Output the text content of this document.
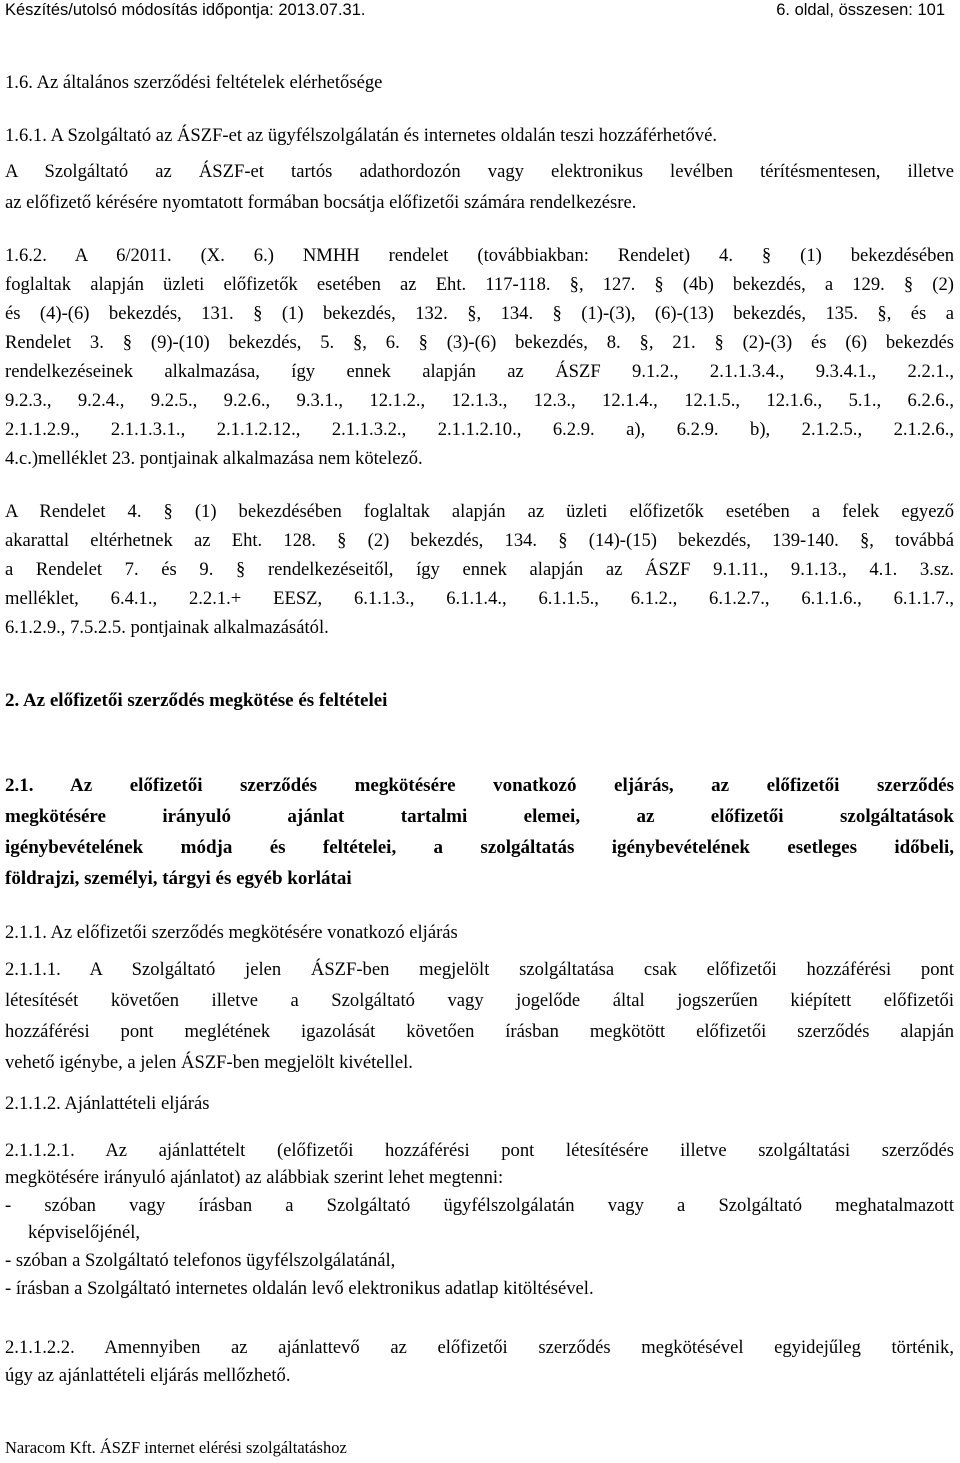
Készítés/utolsó módosítás időpontja: 2013.07.31.	6. oldal, összesen: 101
1.6. Az általános szerződési feltételek elérhetősége
1.6.1. A Szolgáltató az ÁSZF-et az ügyfélszolgálatán és internetes oldalán teszi hozzáférhetővé.
A Szolgáltató az ÁSZF-et tartós adathordozón vagy elektronikus levélben térítésmentesen, illetve
az előfizető kérésére nyomtatott formában bocsátja előfizetői számára rendelkezésre.
1.6.2. A 6/2011. (X. 6.) NMHH rendelet (továbbiakban: Rendelet) 4. § (1) bekezdésében
foglaltak alapján üzleti előfizetők esetében az Eht. 117-118. §, 127. § (4b) bekezdés, a 129. § (2)
és (4)-(6) bekezdés, 131. § (1) bekezdés, 132. §, 134. § (1)-(3), (6)-(13) bekezdés, 135. §, és a
Rendelet 3. § (9)-(10) bekezdés, 5. §, 6. § (3)-(6) bekezdés, 8. §, 21. § (2)-(3) és (6) bekezdés
rendelkezéseinek alkalmazása, így ennek alapján az ÁSZF 9.1.2., 2.1.1.3.4., 9.3.4.1., 2.2.1.,
9.2.3., 9.2.4., 9.2.5., 9.2.6., 9.3.1., 12.1.2., 12.1.3., 12.3., 12.1.4., 12.1.5., 12.1.6., 5.1., 6.2.6.,
2.1.1.2.9., 2.1.1.3.1., 2.1.1.2.12., 2.1.1.3.2., 2.1.1.2.10., 6.2.9. a), 6.2.9. b), 2.1.2.5., 2.1.2.6.,
4.c.)melléklet 23. pontjainak alkalmazása nem kötelező.
A Rendelet 4. § (1) bekezdésében foglaltak alapján az üzleti előfizetők esetében a felek egyező
akarattal eltérhetnek az Eht. 128. § (2) bekezdés, 134. § (14)-(15) bekezdés, 139-140. §, továbbá
a Rendelet 7. és 9. § rendelkezéseitől, így ennek alapján az ÁSZF 9.1.11., 9.1.13., 4.1. 3.sz.
melléklet, 6.4.1., 2.2.1.+ EESZ, 6.1.1.3., 6.1.1.4., 6.1.1.5., 6.1.2., 6.1.2.7., 6.1.1.6., 6.1.1.7.,
6.1.2.9., 7.5.2.5. pontjainak alkalmazásától.
2. Az előfizetői szerződés megkötése és feltételei
2.1. Az előfizetői szerződés megkötésére vonatkozó eljárás, az előfizetői szerződés
megkötésére irányuló ajánlat tartalmi elemei, az előfizetői szolgáltatások
igénybevételének módja és feltételei, a szolgáltatás igénybevételének esetleges időbeli,
földrajzi, személyi, tárgyi és egyéb korlátai
2.1.1. Az előfizetői szerződés megkötésére vonatkozó eljárás
2.1.1.1. A Szolgáltató jelen ÁSZF-ben megjelölt szolgáltatása csak előfizetői hozzáférési pont
létesítését követően illetve a Szolgáltató vagy jogelőde által jogszerűen kiépített előfizetői
hozzáférési pont meglétének igazolását követően írásban megkötött előfizetői szerződés alapján
vehető igénybe, a jelen ÁSZF-ben megjelölt kivétellel.
2.1.1.2. Ajánlattételi eljárás
2.1.1.2.1. Az ajánlattételt (előfizetői hozzáférési pont létesítésére illetve szolgáltatási szerződés
megkötésére irányuló ajánlatot) az alábbiak szerint lehet megtenni:
- szóban vagy írásban a Szolgáltató ügyfélszolgálatán vagy a Szolgáltató meghatalmazott
képviselőjénél,
- szóban a Szolgáltató telefonos ügyfélszolgálatánál,
- írásban a Szolgáltató internetes oldalán levő elektronikus adatlap kitöltésével.
2.1.1.2.2. Amennyiben az ajánlattevő az előfizetői szerződés megkötésével egyidejűleg történik,
úgy az ajánlattételi eljárás mellőzhető.
Naracom Kft. ÁSZF internet elérési szolgáltatáshoz
